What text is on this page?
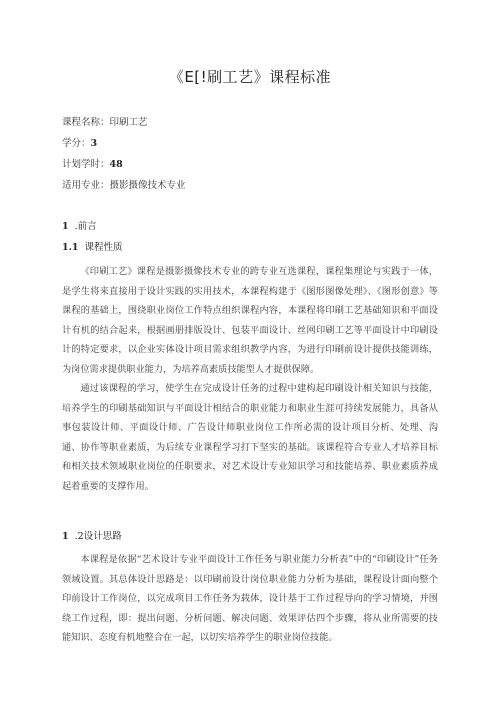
《E[!刷工艺》课程标准
课程名称：印刷工艺
学分：3
计划学时：48
适用专业：摄影摄像技术专业
1 .前言
1.1 课程性质

《印刷工艺》课程是摄影摄像技术专业的跨专业互选课程，课程集理论与实践于一体，是学生将来直接用于设计实践的实用技术，本课程构建于《图形图像处理》、《图形创意》等课程的基础上，围绕职业岗位工作特点组织课程内容，本课程将印刷工艺基础知识和平面设计有机的结合起来，根据画册排版设计、包装平面设计、丝网印刷工艺等平面设计中印刷设计的特定要求，以企业实体设计项目需求组织教学内容，为进行印刷前设计提供技能训练，为岗位需求提供职业能力，为培养高素质技能型人才提供保障。

通过该课程的学习，使学生在完成设计任务的过程中建构起印刷设计相关知识与技能，培养学生的印刷基础知识与平面设计相结合的职业能力和职业生涯可持续发展能力，具备从事包装设计师、平面设计师、广告设计师职业岗位工作所必需的设计项目分析、处理、沟通、协作等职业素质，为后续专业课程学习打下坚实的基础。该课程符合专业人才培养目标和相关技术领域职业岗位的任职要求，对艺术设计专业知识学习和技能培养、职业素质养成起着重要的支撑作用。

1 .2设计思路

本课程是依据“艺术设计专业平面设计工作任务与职业能力分析表”中的“印刷设计”任务领域设置。其总体设计思路是：以印刷前设计岗位职业能力分析为基础，课程设计面向整个印前设计工作岗位，以完成项目工作任务为载体，设计基于工作过程导向的学习情境，并围绕工作过程，即：提出问题、分析问题、解决问题、效果评估四个步骤，将从业所需要的技能知识、态度有机地整合在一起，以切实培养学生的职业岗位技能。
